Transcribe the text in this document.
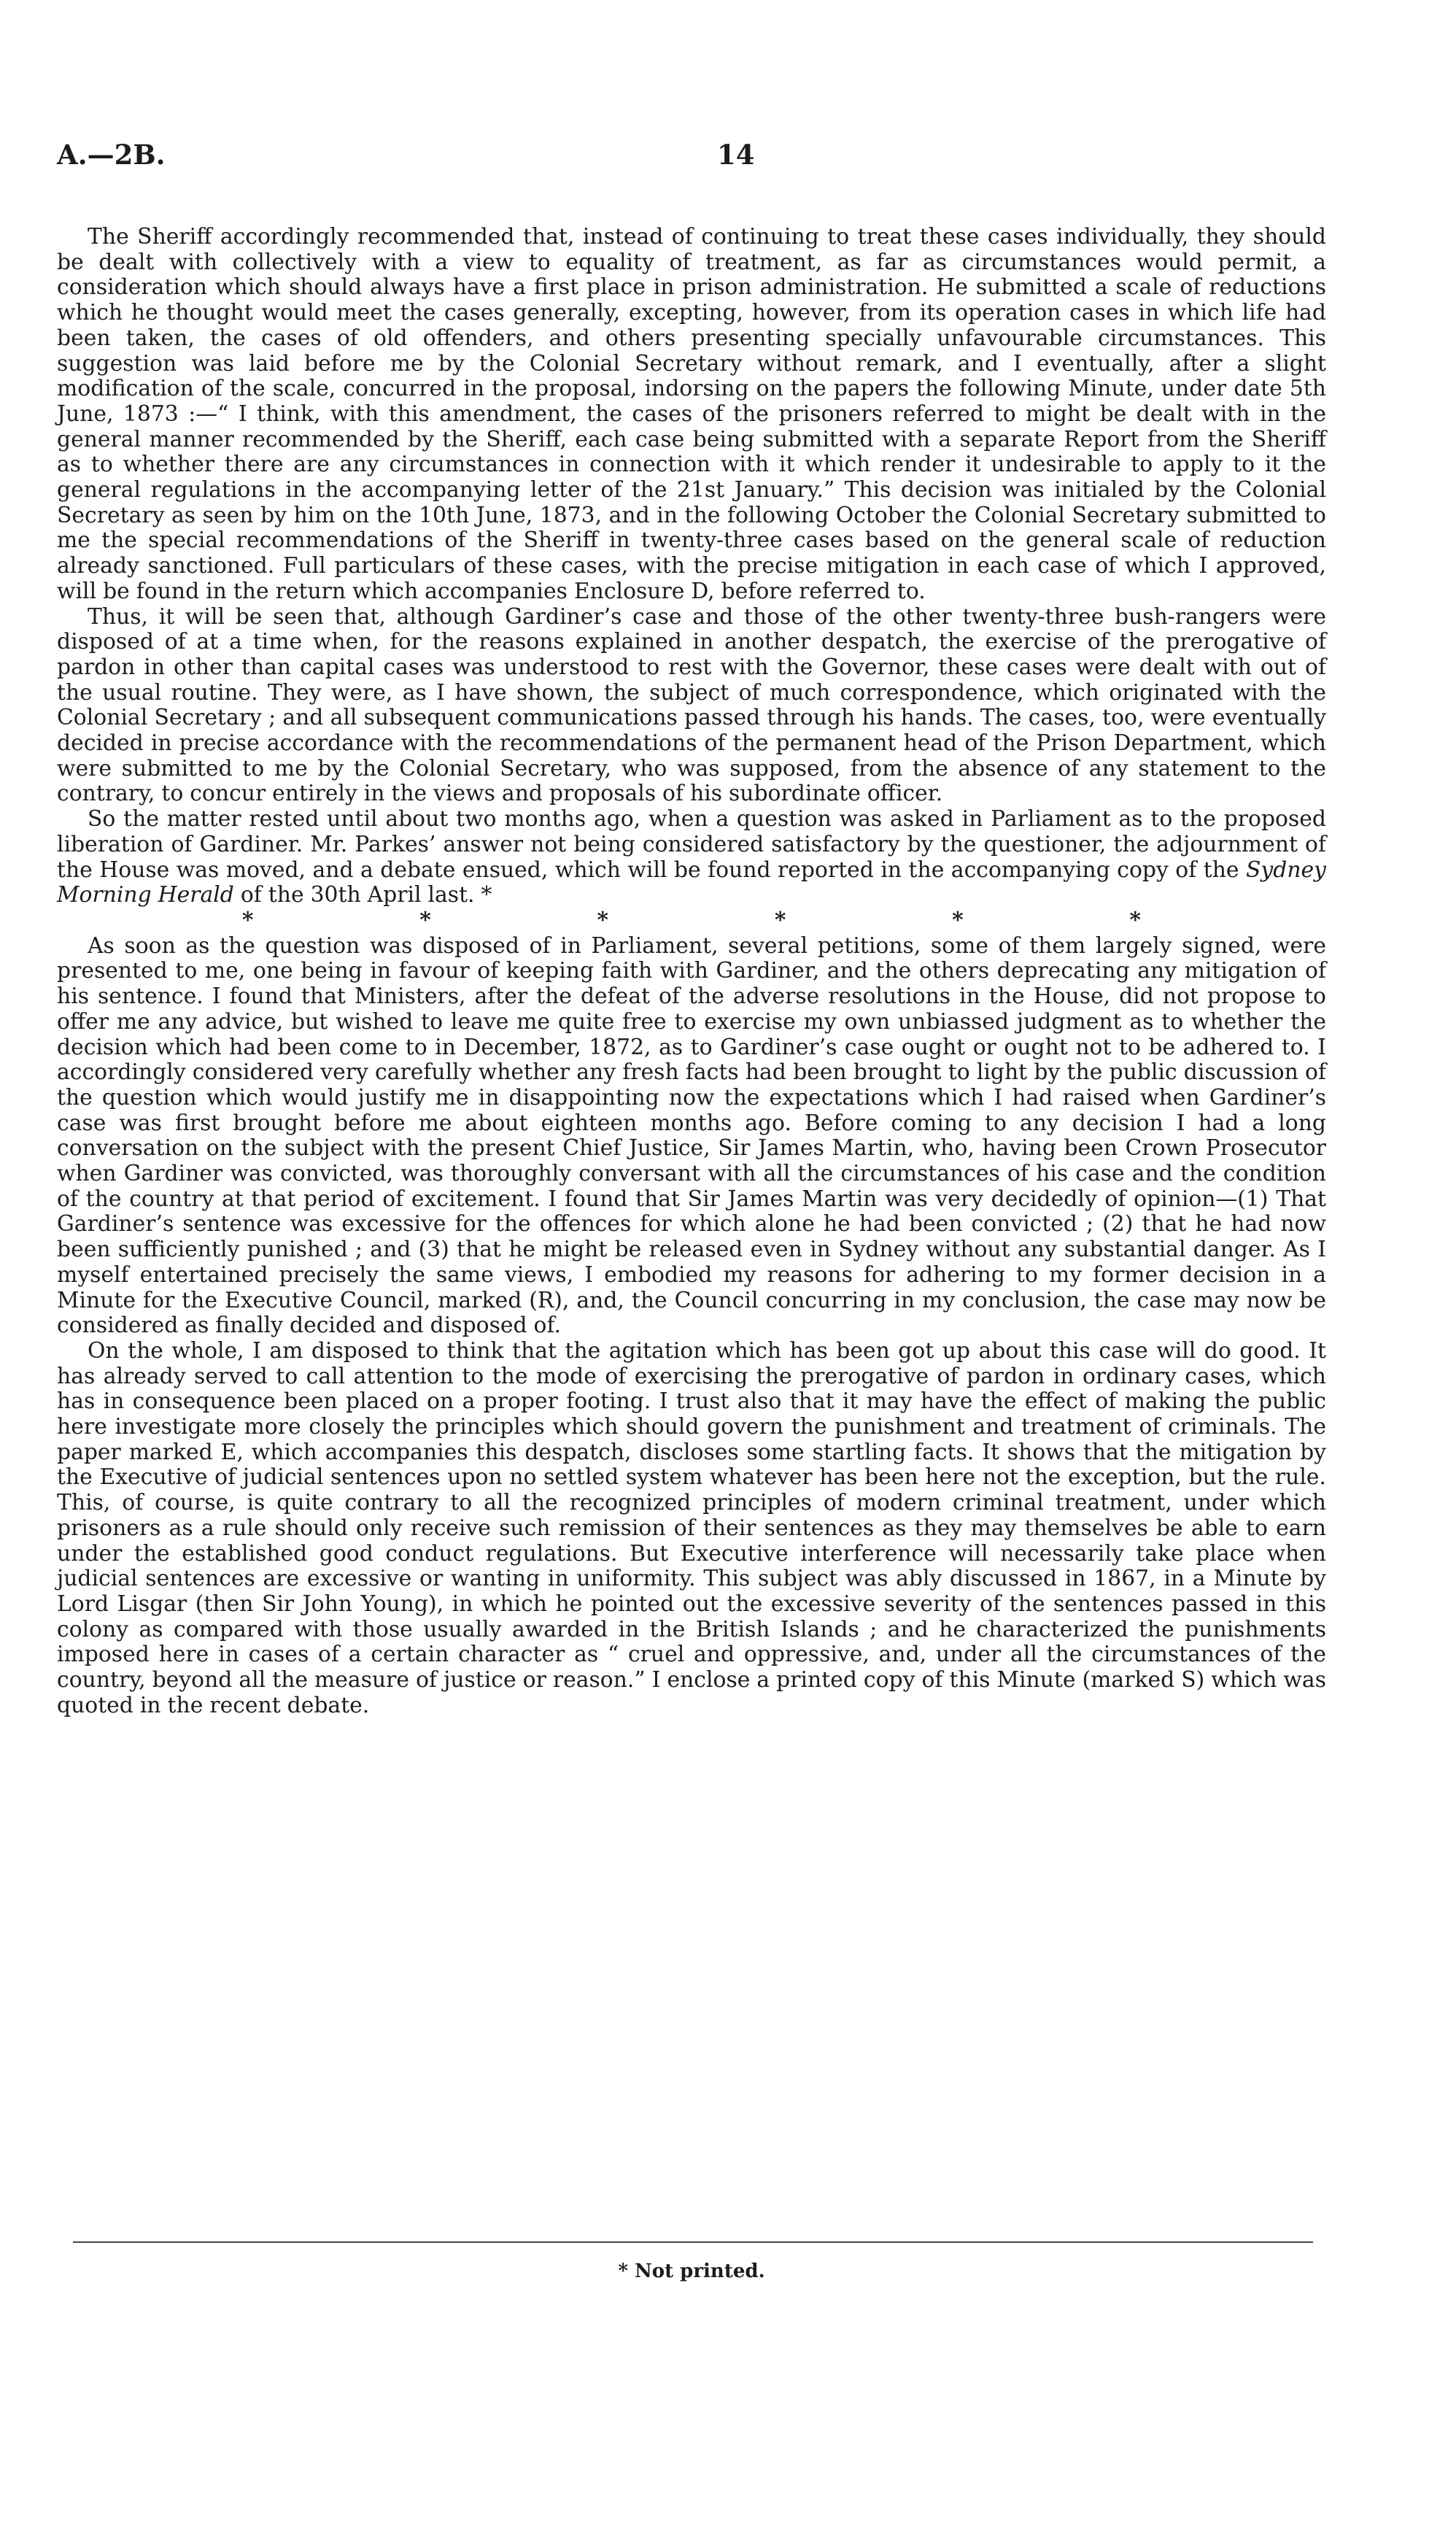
A.—2B.	14

The Sheriff accordingly recommended that, instead of continuing to treat these cases individually, they should be dealt with collectively with a view to equality of treatment, as far as circumstances would permit, a consideration which should always have a first place in prison administration. He submitted a scale of reductions which he thought would meet the cases generally, excepting, however, from its operation cases in which life had been taken, the cases of old offenders, and others presenting specially unfavourable circumstances. This suggestion was laid before me by the Colonial Secretary without remark, and I eventually, after a slight modification of the scale, concurred in the proposal, indorsing on the papers the following Minute, under date 5th June, 1873 :—“ I think, with this amendment, the cases of the prisoners referred to might be dealt with in the general manner recommended by the Sheriff, each case being submitted with a separate Report from the Sheriff as to whether there are any circumstances in connection with it which render it undesirable to apply to it the general regulations in the accompanying letter of the 21st January.” This decision was initialed by the Colonial Secretary as seen by him on the 10th June, 1873, and in the following October the Colonial Secretary submitted to me the special recommendations of the Sheriff in twenty-three cases based on the general scale of reduction already sanctioned. Full particulars of these cases, with the precise mitigation in each case of which I approved, will be found in the return which accompanies Enclosure D, before referred to.

Thus, it will be seen that, although Gardiner’s case and those of the other twenty-three bush-rangers were disposed of at a time when, for the reasons explained in another despatch, the exercise of the prerogative of pardon in other than capital cases was understood to rest with the Governor, these cases were dealt with out of the usual routine. They were, as I have shown, the subject of much correspondence, which originated with the Colonial Secretary ; and all subsequent communications passed through his hands. The cases, too, were eventually decided in precise accordance with the recommendations of the permanent head of the Prison Department, which were submitted to me by the Colonial Secretary, who was supposed, from the absence of any statement to the contrary, to concur entirely in the views and proposals of his subordinate officer.

So the matter rested until about two months ago, when a question was asked in Parliament as to the proposed liberation of Gardiner. Mr. Parkes’ answer not being considered satisfactory by the questioner, the adjournment of the House was moved, and a debate ensued, which will be found reported in the accompanying copy of the Sydney Morning Herald of the 30th April last. *

*	*	*	*	*	*

As soon as the question was disposed of in Parliament, several petitions, some of them largely signed, were presented to me, one being in favour of keeping faith with Gardiner, and the others deprecating any mitigation of his sentence. I found that Ministers, after the defeat of the adverse resolutions in the House, did not propose to offer me any advice, but wished to leave me quite free to exercise my own unbiassed judgment as to whether the decision which had been come to in December, 1872, as to Gardiner’s case ought or ought not to be adhered to. I accordingly considered very carefully whether any fresh facts had been brought to light by the public discussion of the question which would justify me in disappointing now the expectations which I had raised when Gardiner’s case was first brought before me about eighteen months ago. Before coming to any decision I had a long conversation on the subject with the present Chief Justice, Sir James Martin, who, having been Crown Prosecutor when Gardiner was convicted, was thoroughly conversant with all the circumstances of his case and the condition of the country at that period of excitement. I found that Sir James Martin was very decidedly of opinion—(1) That Gardiner’s sentence was excessive for the offences for which alone he had been convicted ; (2) that he had now been sufficiently punished ; and (3) that he might be released even in Sydney without any substantial danger. As I myself entertained precisely the same views, I embodied my reasons for adhering to my former decision in a Minute for the Executive Council, marked (R), and, the Council concurring in my conclusion, the case may now be considered as finally decided and disposed of.

On the whole, I am disposed to think that the agitation which has been got up about this case will do good. It has already served to call attention to the mode of exercising the prerogative of pardon in ordinary cases, which has in consequence been placed on a proper footing. I trust also that it may have the effect of making the public here investigate more closely the principles which should govern the punishment and treatment of criminals. The paper marked E, which accompanies this despatch, discloses some startling facts. It shows that the mitigation by the Executive of judicial sentences upon no settled system whatever has been here not the exception, but the rule. This, of course, is quite contrary to all the recognized principles of modern criminal treatment, under which prisoners as a rule should only receive such remission of their sentences as they may themselves be able to earn under the established good conduct regulations. But Executive interference will necessarily take place when judicial sentences are excessive or wanting in uniformity. This subject was ably discussed in 1867, in a Minute by Lord Lisgar (then Sir John Young), in which he pointed out the excessive severity of the sentences passed in this colony as compared with those usually awarded in the British Islands ; and he characterized the punishments imposed here in cases of a certain character as “ cruel and oppressive, and, under all the circumstances of the country, beyond all the measure of justice or reason.” I enclose a printed copy of this Minute (marked S) which was quoted in the recent debate.

* Not printed.
